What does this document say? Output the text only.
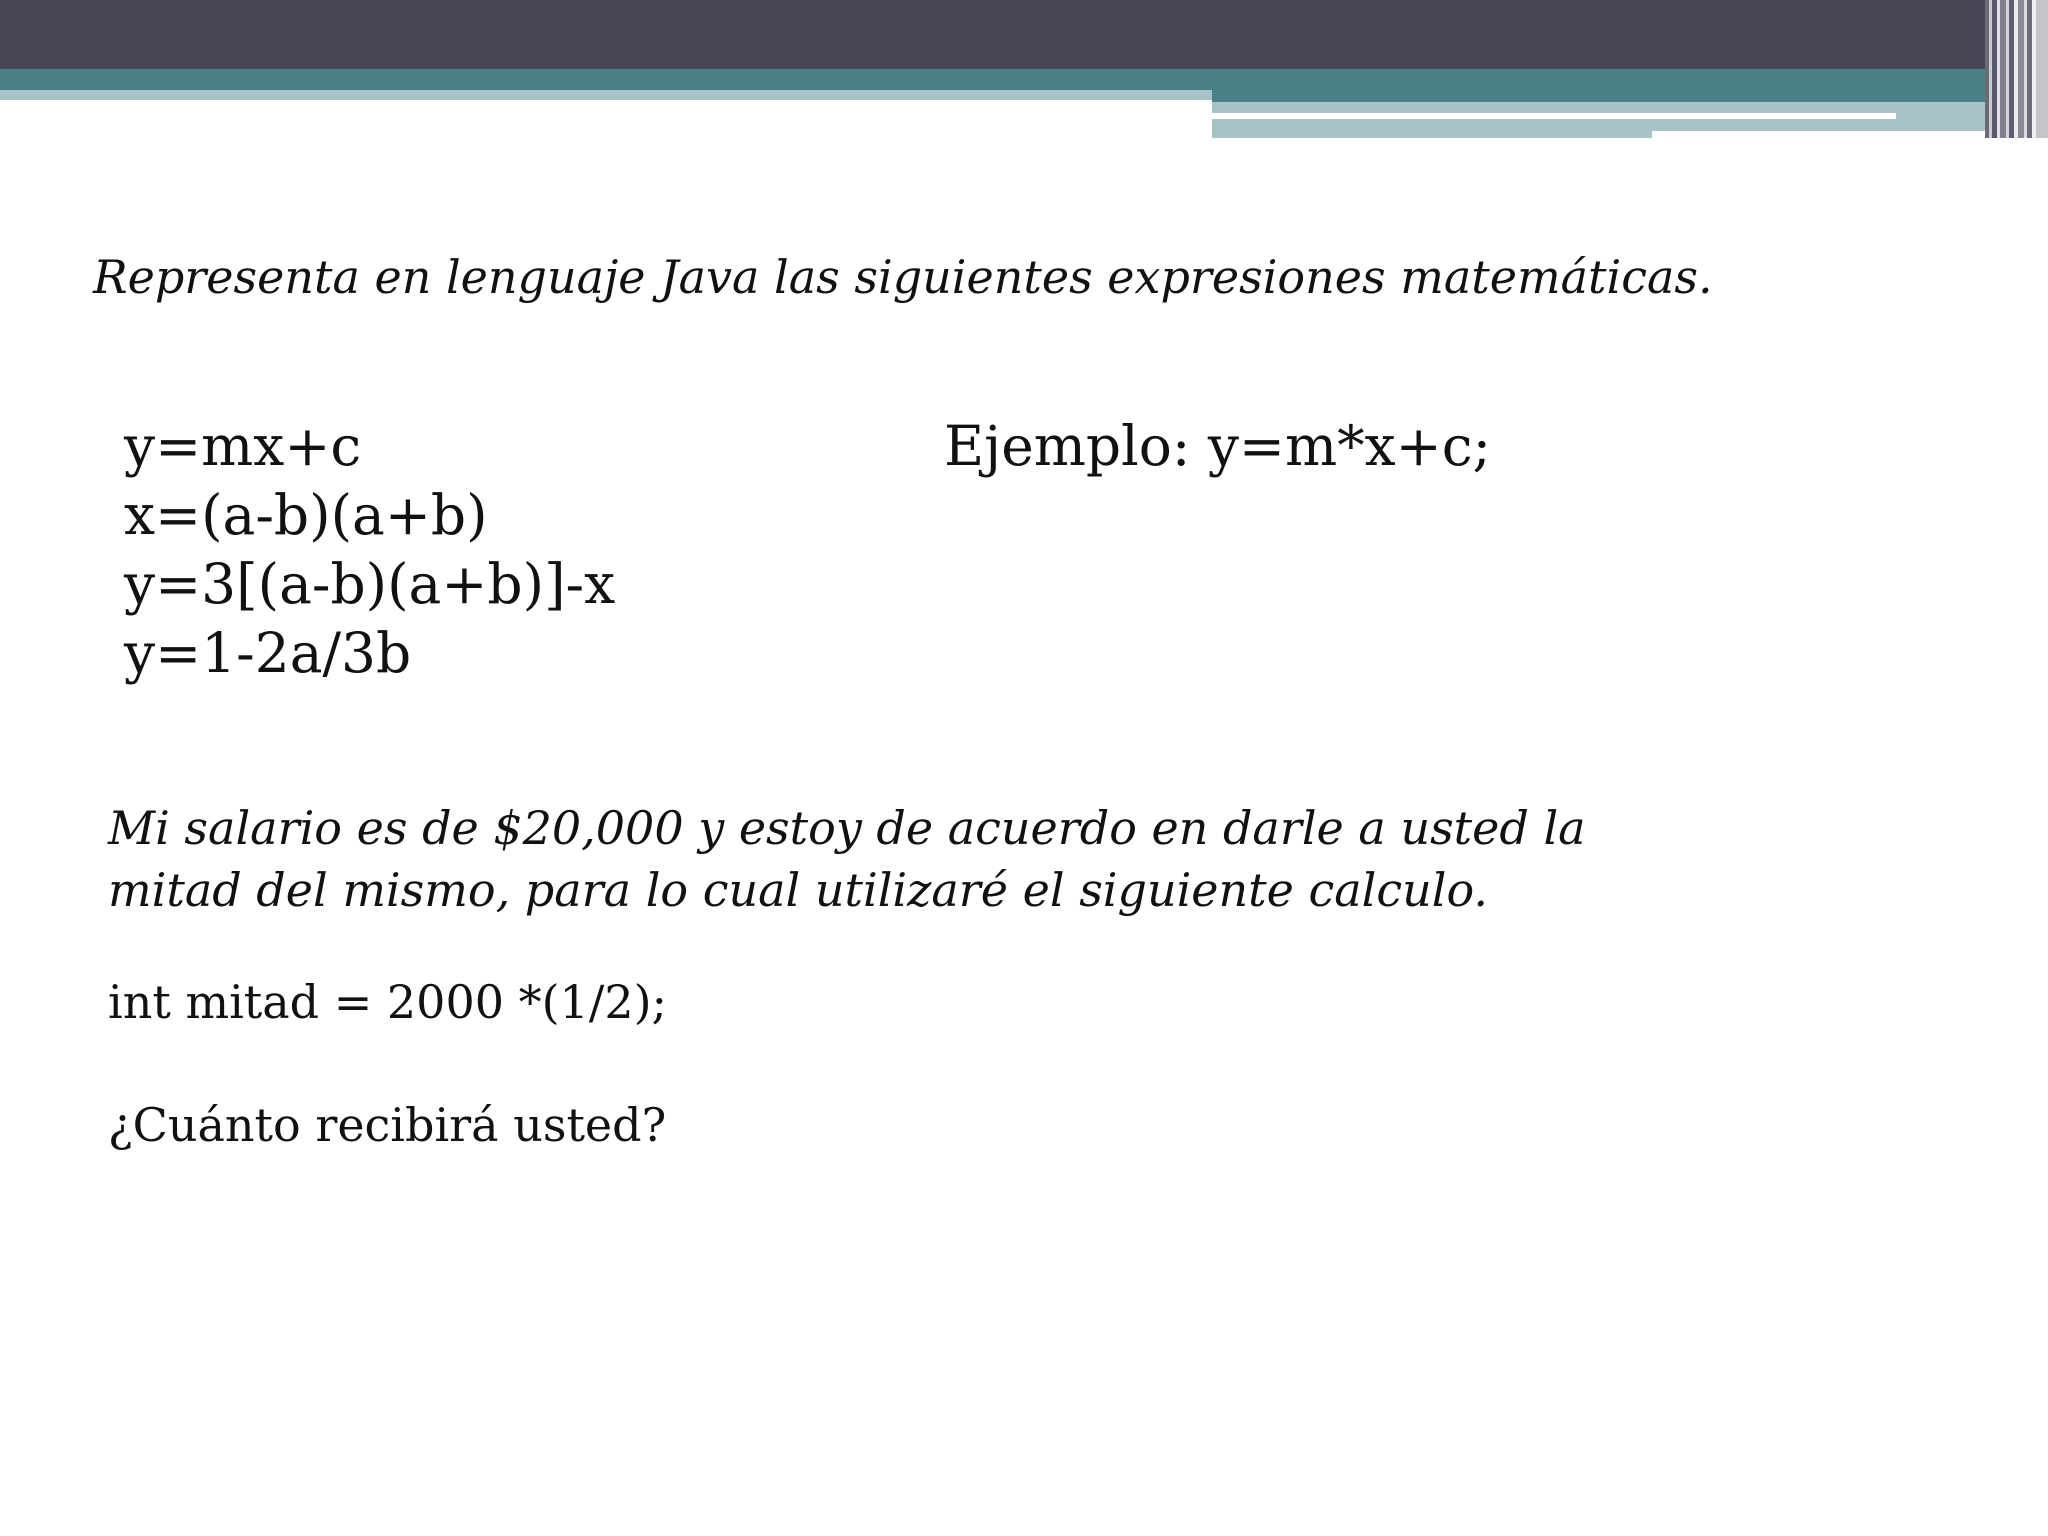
Representa en lenguaje Java las siguientes expresiones matemáticas.
y=mx+c
x=(a-b)(a+b)
y=3[(a-b)(a+b)]-x
y=1-2a/3b
Ejemplo: y=m*x+c;
Mi salario es de $20,000 y estoy de acuerdo en darle a usted la
mitad del mismo, para lo cual utilizaré el siguiente calculo.
int mitad = 2000 *(1/2);
¿Cuánto recibirá usted?
